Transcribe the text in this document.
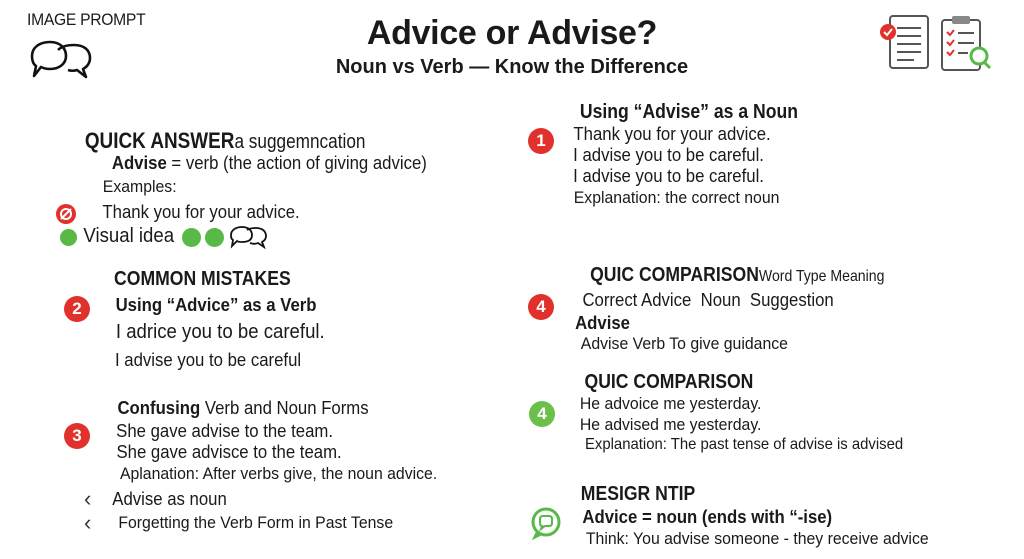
IMAGE PROMPT	Advice or Advise?
Noun vs Verb — Know the Difference
QUICK ANSWERa suggemncation
Advise = verb (the action of giving advice)
Examples:
Thank you for your advice.
Visual idea
COMMON MISTAKES
2	Using “Advice” as a Verb
I adrice you to be careful.
I advise you to be careful
Confusing Verb and Noun Forms
3	She gave advise to the team.
She gave advisce to the team.
Aplanation: After verbs give, the noun advice.
‹ Advise as noun
‹ Forgetting the Verb Form in Past Tense
Using “Advise” as a Noun
1	Thank you for your advice.
I advise you to be careful.
I advise you to be careful.
Explanation: the correct noun
QUIC COMPARISONWord Type Meaning
4	Correct Advice  Noun  Suggestion
Advise
Advise Verb To give guidance
QUIC COMPARISON
4
He advoice me yesterday.
He advised me yesterday.
Explanation: The past tense of advise is advised
MESIGR NTIP
Advice = noun (ends with “-ise)
Think: You advise someone - they receive advice
